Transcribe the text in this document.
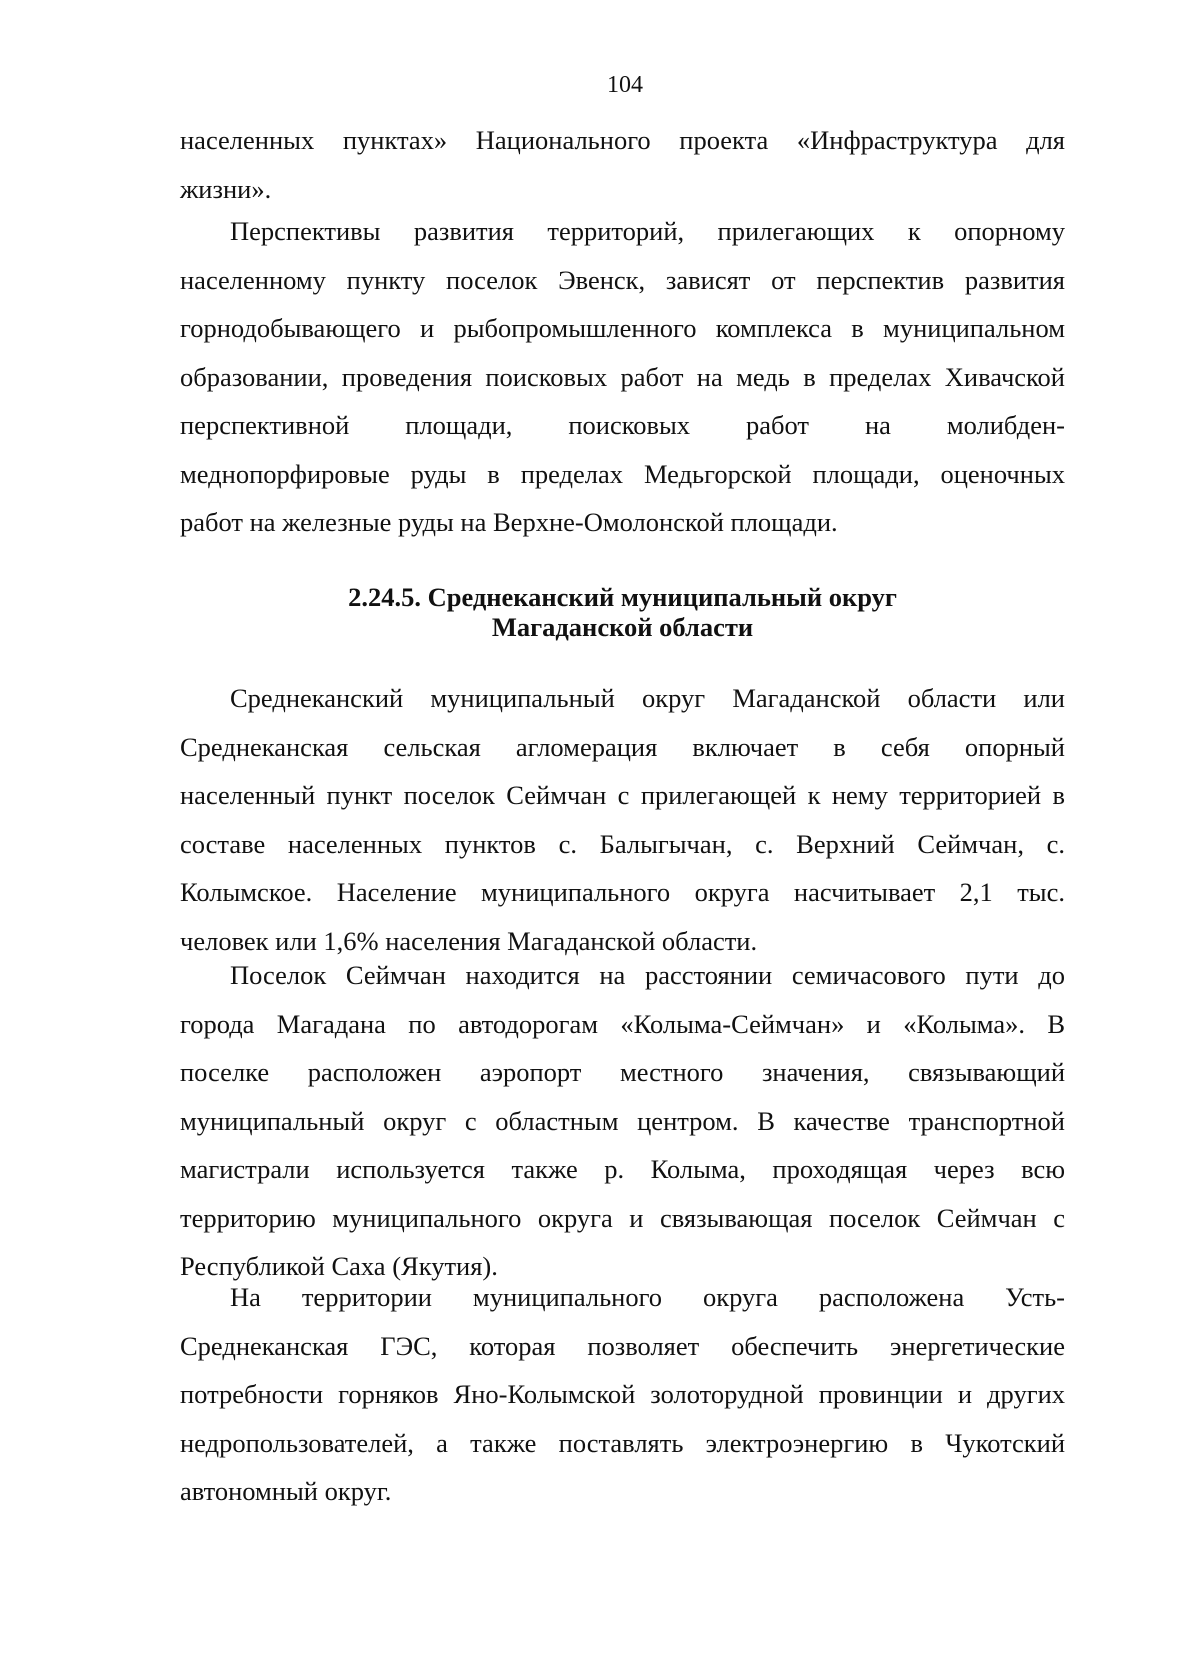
104
населенных пунктах» Национального проекта «Инфраструктура для
жизни».
Перспективы развития территорий, прилегающих к опорному
населенному пункту поселок Эвенск, зависят от перспектив развития
горнодобывающего и рыбопромышленного комплекса в муниципальном
образовании, проведения поисковых работ на медь в пределах Хивачской
перспективной площади, поисковых работ на молибден-
меднопорфировые руды в пределах Медьгорской площади, оценочных
работ на железные руды на Верхне-Омолонской площади.
2.24.5. Среднеканский муниципальный округ
Магаданской области
Среднеканский муниципальный округ Магаданской области или
Среднеканская сельская агломерация включает в себя опорный
населенный пункт поселок Сеймчан с прилегающей к нему территорией в
составе населенных пунктов с. Балыгычан, с. Верхний Сеймчан, с.
Колымское. Население муниципального округа насчитывает 2,1 тыс.
человек или 1,6% населения Магаданской области.
Поселок Сеймчан находится на расстоянии семичасового пути до
города Магадана по автодорогам «Колыма-Сеймчан» и «Колыма». В
поселке расположен аэропорт местного значения, связывающий
муниципальный округ с областным центром. В качестве транспортной
магистрали используется также р. Колыма, проходящая через всю
территорию муниципального округа и связывающая поселок Сеймчан с
Республикой Саха (Якутия).
На территории муниципального округа расположена Усть-
Среднеканская ГЭС, которая позволяет обеспечить энергетические
потребности горняков Яно-Колымской золоторудной провинции и других
недропользователей, а также поставлять электроэнергию в Чукотский
автономный округ.
